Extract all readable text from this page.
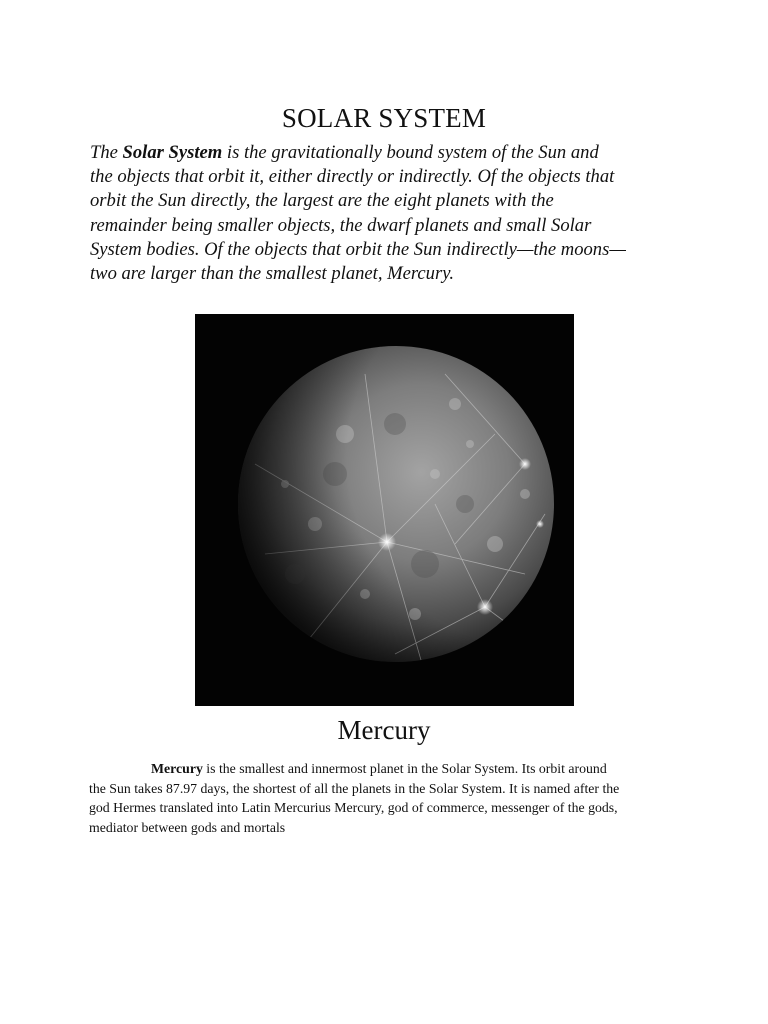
SOLAR SYSTEM

The Solar System is the gravitationally bound system of the Sun and
the objects that orbit it, either directly or indirectly. Of the objects that
orbit the Sun directly, the largest are the eight planets with the
remainder being smaller objects, the dwarf planets and small Solar
System bodies. Of the objects that orbit the Sun indirectly—the moons—
two are larger than the smallest planet, Mercury.

Mercury

Mercury is the smallest and innermost planet in the Solar System. Its orbit around
the Sun takes 87.97 days, the shortest of all the planets in the Solar System. It is named after the
god Hermes translated into Latin Mercurius Mercury, god of commerce, messenger of the gods,
mediator between gods and mortals
